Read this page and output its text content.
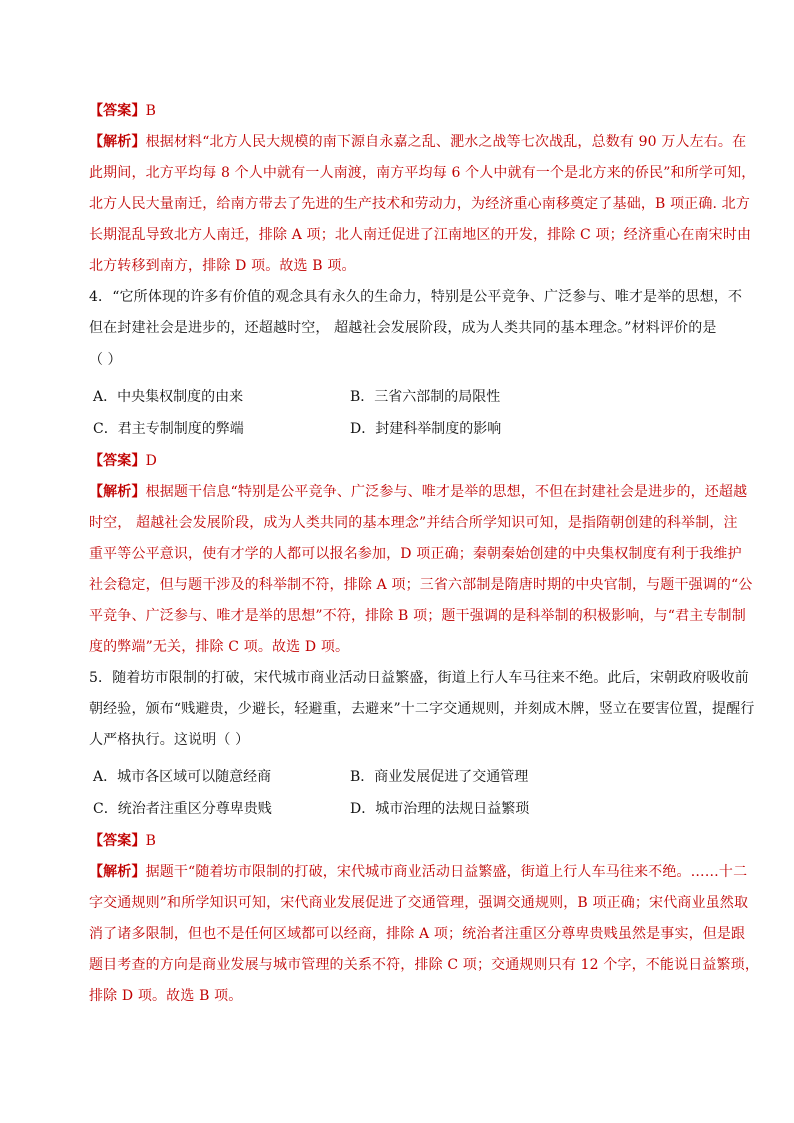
【答案】B
【解析】根据材料“北方人民大规模的南下源自永嘉之乱、淝水之战等七次战乱，总数有 90 万人左右。在
此期间，北方平均每 8 个人中就有一人南渡，南方平均每 6 个人中就有一个是北方来的侨民”和所学可知，
北方人民大量南迁，给南方带去了先进的生产技术和劳动力，为经济重心南移奠定了基础，B 项正确. 北方
长期混乱导致北方人南迁，排除 A 项；北人南迁促进了江南地区的开发，排除 C 项；经济重心在南宋时由
北方转移到南方，排除 D 项。故选 B 项。
4．“它所体现的许多有价值的观念具有永久的生命力，特别是公平竞争、广泛参与、唯才是举的思想，不
但在封建社会是进步的，还超越时空， 超越社会发展阶段，成为人类共同的基本理念。”材料评价的是
（ ）
A．中央集权制度的由来	B．三省六部制的局限性
C．君主专制制度的弊端	D．封建科举制度的影响
【答案】D
【解析】根据题干信息“特别是公平竞争、广泛参与、唯才是举的思想，不但在封建社会是进步的，还超越
时空， 超越社会发展阶段，成为人类共同的基本理念”并结合所学知识可知，是指隋朝创建的科举制，注
重平等公平意识，使有才学的人都可以报名参加，D 项正确；秦朝秦始创建的中央集权制度有利于我维护
社会稳定，但与题干涉及的科举制不符，排除 A 项；三省六部制是隋唐时期的中央官制，与题干强调的“公
平竞争、广泛参与、唯才是举的思想”不符，排除 B 项；题干强调的是科举制的积极影响，与“君主专制制
度的弊端”无关，排除 C 项。故选 D 项。
5．随着坊市限制的打破，宋代城市商业活动日益繁盛，街道上行人车马往来不绝。此后，宋朝政府吸收前
朝经验，颁布“贱避贵，少避长，轻避重，去避来”十二字交通规则，并刻成木牌，竖立在要害位置，提醒行
人严格执行。这说明（ ）
A．城市各区域可以随意经商	B．商业发展促进了交通管理
C．统治者注重区分尊卑贵贱	D．城市治理的法规日益繁琐
【答案】B
【解析】据题干“随着坊市限制的打破，宋代城市商业活动日益繁盛，街道上行人车马往来不绝。……十二
字交通规则”和所学知识可知，宋代商业发展促进了交通管理，强调交通规则，B 项正确；宋代商业虽然取
消了诸多限制，但也不是任何区域都可以经商，排除 A 项；统治者注重区分尊卑贵贱虽然是事实，但是跟
题目考查的方向是商业发展与城市管理的关系不符，排除 C 项；交通规则只有 12 个字，不能说日益繁琐，
排除 D 项。故选 B 项。
